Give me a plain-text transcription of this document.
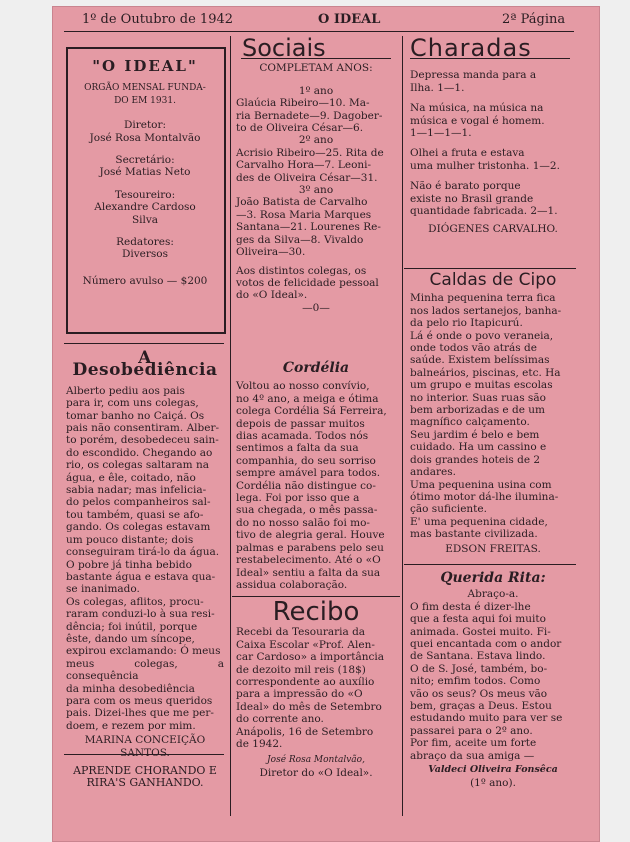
1º de Outubro de 1942	O IDEAL	2ª Página

"O IDEAL"

ORGÃO MENSAL FUNDA-

DO EM 1931.

Diretor:

José Rosa Montalvão

Secretário:

José Matias Neto

Tesoureiro:

Alexandre Cardoso

Silva

Redatores:

Diversos

Número avulso — $200

A Desobediência

Alberto pediu aos pais

para ir, com uns colegas,

tomar banho no Caiçá. Os

pais não consentiram. Alber-

to porém, desobedeceu sain-

do escondido. Chegando ao

rio, os colegas saltaram na

água, e êle, coitado, não

sabia nadar; mas infelicia-

do pelos companheiros sal-

tou também, quasi se afo-

gando. Os colegas estavam

um pouco distante; dois

conseguiram tirá-lo da água.

O pobre já tinha bebido

bastante água e estava qua-

se inanimado.

Os colegas, aflitos, procu-

raram conduzi-lo à sua resi-

dência; foi inútil, porque

êste, dando um síncope,

expirou exclamando: Ó meus

meus colegas, a consequência

da minha desobediência

para com os meus queridos

pais. Dizei-lhes que me per-

doem, e rezem por mim.

MARINA CONCEIÇÃO

SANTOS.

APRENDE CHORANDO E

RIRA'S GANHANDO.

Sociais

COMPLETAM ANOS:

1º ano

Glaúcia Ribeiro—10. Ma-

ria Bernadete—9. Dagober-

to de Oliveira César—6.

2º ano

Acrisio Ribeiro—25. Rita de

Carvalho Hora—7. Leoni-

des de Oliveira César—31.

3º ano

João Batista de Carvalho

—3. Rosa Maria Marques

Santana—21. Lourenes Re-

ges da Silva—8. Vivaldo

Oliveira—30.

Aos distintos colegas, os

votos de felicidade pessoal

do «O Ideal».

—0—

Cordélia

Voltou ao nosso convívio,

no 4º ano, a meiga e ótima

colega Cordélia Sá Ferreira,

depois de passar muitos

dias acamada. Todos nós

sentimos a falta da sua

companhia, do seu sorriso

sempre amável para todos.

Cordélia não distingue co-

lega. Foi por isso que a

sua chegada, o mês passa-

do no nosso salão foi mo-

tivo de alegria geral. Houve

palmas e parabens pelo seu

restabelecimento. Até o «O

Ideal» sentiu a falta da sua

assidua colaboração.

Recibo

Recebi da Tesouraria da

Caixa Escolar «Prof. Alen-

car Cardoso» a importância

de dezoito mil reis (18$)

correspondente ao auxílio

para a impressão do «O

Ideal» do mês de Setembro

do corrente ano.

Anápolis, 16 de Setembro

de 1942.

José Rosa Montalvão,

Diretor do «O Ideal».

Charadas

Depressa manda para a

Ilha. 1—1.

Na música, na música na

música e vogal é homem.

1—1—1—1.

Olhei a fruta e estava

uma mulher tristonha. 1—2.

Não é barato porque

existe no Brasil grande

quantidade fabricada. 2—1.

DIÓGENES CARVALHO.

Caldas de Cipo

Minha pequenina terra fica

nos lados sertanejos, banha-

da pelo rio Itapicurú.

Lá é onde o povo veraneia,

onde todos vão atrás de

saúde. Existem belíssimas

balneários, piscinas, etc. Ha

um grupo e muitas escolas

no interior. Suas ruas são

bem arborizadas e de um

magnífico calçamento.

Seu jardim é belo e bem

cuidado. Ha um cassino e

dois grandes hoteis de 2

andares.

Uma pequenina usina com

ótimo motor dá-lhe ilumina-

ção suficiente.

E' uma pequenina cidade,

mas bastante civilizada.

EDSON FREITAS.

Querida Rita:

Abraço-a.

O fim desta é dizer-lhe

que a festa aqui foi muito

animada. Gostei muito. Fi-

quei encantada com o andor

de Santana. Estava lindo.

O de S. José, também, bo-

nito; emfim todos. Como

vão os seus? Os meus vão

bem, graças a Deus. Estou

estudando muito para ver se

passarei para o 2º ano.

Por fim, aceite um forte

abraço da sua amiga —

Valdeci Oliveira Fonsêca

(1º ano).
